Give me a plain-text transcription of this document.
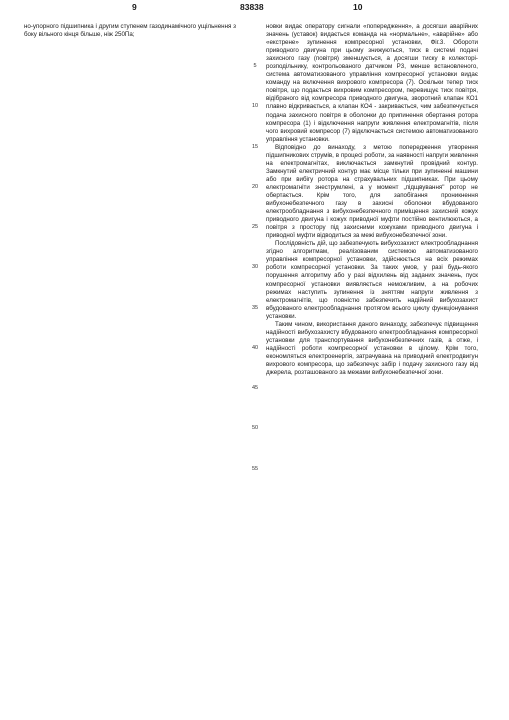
9	83838	10

но-упорного підшипника і другим ступенем газодинамічного ущільнення з боку вільного кінця більше, ніж 250Па;

5
10
15
20
25
30
35
40
45
50
55

новки видає оператору сигнали «попередження», а досягши аварійних значень (уставок) видається команда на «нормальне», «аварійне» або «екстрене» зупинення компресорної установки, Фіг.3. Обороти приводного двигуна при цьому знижуються, тиск в системі подачі захисного газу (повітря) зменшується, а досягши тиску в колекторі-розподільнику, контрольованого датчиком Р3, менше встановленого, система автоматизованого управління компресорної установки видає команду на включення вихрового компресора (7). Оскільки тепер тиск повітря, що подається вихровим компресором, перевищує тиск повітря, відібраного від компресора приводного двигуна, зворотний клапан КО1 плавно відкривається, а клапан КО4 - закривається, чим забезпечується подача захисного повітря в оболонки до припинення обертання ротора компресора (1) і відключення напруги живлення електромагнітів, після чого вихровий компресор (7) відключається системою автоматизованого управління установки.

Відповідно до винаходу, з метою попередження утворення підшипникових струмів, в процесі роботи, за наявності напруги живлення на електромагнітах, виключається замкнутий провідний контур. Замкнутий електричний контур має місце тільки при зупиненні машини або при вибігу ротора на страхувальних підшипниках. При цьому електромагніти знеструмлені, а у момент „підщвування" ротор не обертається. Крім того, для запобігання проникнення вибухонебезпечного газу в захисні оболонки вбудованого електрообладнання з вибухонебезпечного приміщення захисний кожух приводного двигуна і кожух приводної муфти постійно вентилюються, а повітря з простору під захисними кожухами приводного двигуна і приводної муфти відводиться за межі вибухонебезпечної зони.

Послідовність дій, що забезпечують вибухозахист електрообладнання згідно алгоритмам, реалізованим системою автоматизованого управління компресорної установки, здійснюється на всіх режимах роботи компресорної установки. За таких умов, у разі будь-якого порушення алгоритму або у разі відхилень від заданих значень, пуск компресорної установки виявляється неможливим, а на робочих режимах наступить зупинення із зняттям напруги живлення з електромагнітів, що повністю забезпечить надійний вибухозахист вбудованого електрообладнання протягом всього циклу функціонування установки.

Таким чином, використання даного винаходу, забезпечує підвищення надійності вибухозахисту вбудованого електрообладнання компресорної установки для транспортування вибухонебезпечних газів, а отже, і надійності роботи компресорної установки в цілому. Крім того, економляться електроенергія, затрачувана на приводний електродвигун вихрового компресора, що забезпечує забір і подачу захисного газу від джерела, розташованого за межами вибухонебезпечної зони.
